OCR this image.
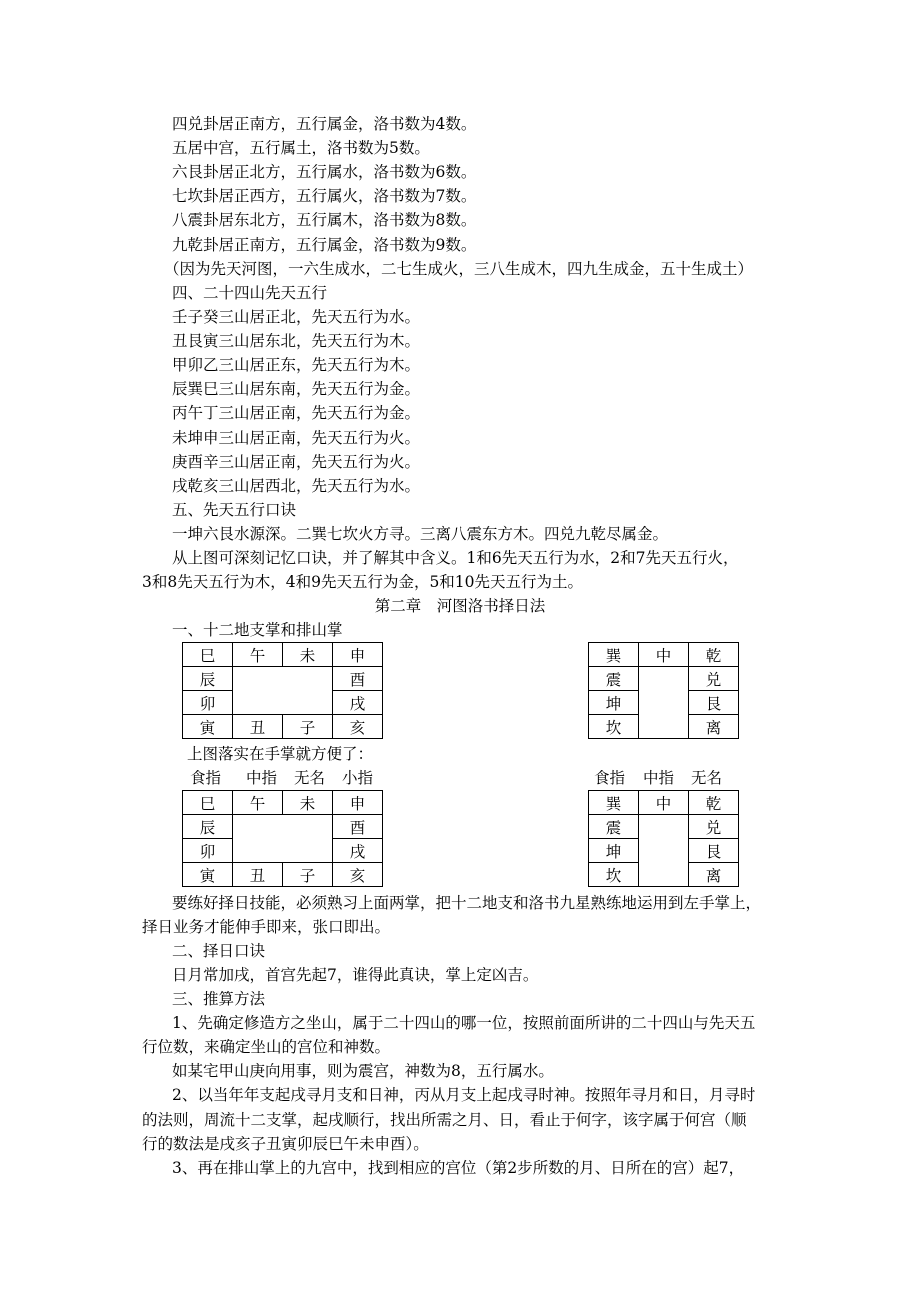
四兑卦居正南方，五行属金，洛书数为4数。
五居中宫，五行属土，洛书数为5数。
六艮卦居正北方，五行属水，洛书数为6数。
七坎卦居正西方，五行属火，洛书数为7数。
八震卦居东北方，五行属木，洛书数为8数。
九乾卦居正南方，五行属金，洛书数为9数。
（因为先天河图，一六生成水，二七生成火，三八生成木，四九生成金，五十生成土）
四、二十四山先天五行
壬子癸三山居正北，先天五行为水。
丑艮寅三山居东北，先天五行为木。
甲卯乙三山居正东，先天五行为木。
辰巽巳三山居东南，先天五行为金。
丙午丁三山居正南，先天五行为金。
未坤申三山居正南，先天五行为火。
庚酉辛三山居正南，先天五行为火。
戌乾亥三山居西北，先天五行为水。
五、先天五行口诀
一坤六艮水源深。二巽七坎火方寻。三离八震东方木。四兑九乾尽属金。
从上图可深刻记忆口诀，并了解其中含义。1和6先天五行为水，2和7先天五行火，
3和8先天五行为木，4和9先天五行为金，5和10先天五行为土。
第二章　河图洛书择日法
一、十二地支掌和排山掌
巳	午	未	申
辰			酉
卯			戌
寅	丑	子	亥
巽	中	乾
震		兑
坤		艮
坎		离
上图落实在手掌就方便了：
食指 中指 无名 小指	食指 中指 无名
巳	午	未	申
辰			酉
卯			戌
寅	丑	子	亥
巽	中	乾
震		兑
坤		艮
坎		离
要练好择日技能，必须熟习上面两掌，把十二地支和洛书九星熟练地运用到左手掌上，
择日业务才能伸手即来，张口即出。
二、择日口诀
日月常加戌，首宫先起7，谁得此真诀，掌上定凶吉。
三、推算方法
1、先确定修造方之坐山，属于二十四山的哪一位，按照前面所讲的二十四山与先天五
行位数，来确定坐山的宫位和神数。
如某宅甲山庚向用事，则为震宫，神数为8，五行属水。
2、以当年年支起戌寻月支和日神，丙从月支上起戌寻时神。按照年寻月和日，月寻时
的法则，周流十二支掌，起戌顺行，找出所需之月、日，看止于何字，该字属于何宫（顺
行的数法是戌亥子丑寅卯辰巳午未申酉）。
3、再在排山掌上的九宫中，找到相应的宫位（第2步所数的月、日所在的宫）起7，
